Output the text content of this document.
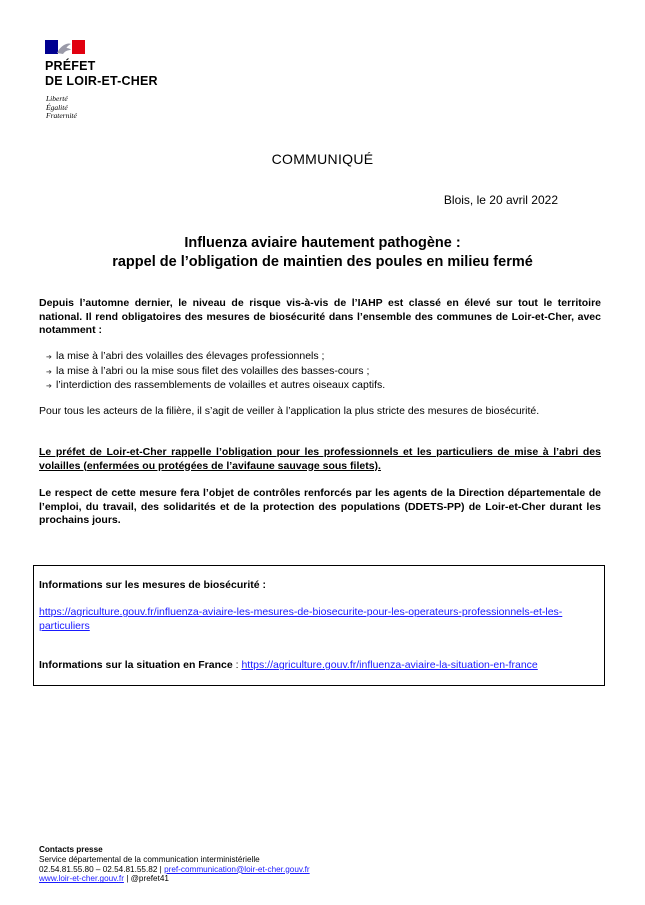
PRÉFET
DE LOIR-ET-CHER
Liberté
Égalité
Fraternité
COMMUNIQUÉ
Blois, le 20 avril 2022
Influenza aviaire hautement pathogène :
rappel de l’obligation de maintien des poules en milieu fermé
Depuis l’automne dernier, le niveau de risque vis-à-vis de l’IAHP est classé en élevé sur tout le territoire national. Il rend obligatoires des mesures de biosécurité dans l’ensemble des communes de Loir-et-Cher, avec notamment :
➔ la mise à l’abri des volailles des élevages professionnels ;
➔ la mise à l’abri ou la mise sous filet des volailles des basses-cours ;
➔ l’interdiction des rassemblements de volailles et autres oiseaux captifs.
Pour tous les acteurs de la filière, il s’agit de veiller à l’application la plus stricte des mesures de biosécurité.
Le préfet de Loir-et-Cher rappelle l’obligation pour les professionnels et les particuliers de mise à l’abri des volailles (enfermées ou protégées de l’avifaune sauvage sous filets).
Le respect de cette mesure fera l’objet de contrôles renforcés par les agents de la Direction départementale de l’emploi, du travail, des solidarités et de la protection des populations (DDETS-PP) de Loir-et-Cher durant les prochains jours.
Informations sur les mesures de biosécurité :
https://agriculture.gouv.fr/influenza-aviaire-les-mesures-de-biosecurite-pour-les-operateurs-professionnels-et-les-particuliers
Informations sur la situation en France : https://agriculture.gouv.fr/influenza-aviaire-la-situation-en-france
Contacts presse
Service départemental de la communication interministérielle
02.54.81.55.80 – 02.54.81.55.82 | pref-communication@loir-et-cher.gouv.fr
www.loir-et-cher.gouv.fr | @prefet41
